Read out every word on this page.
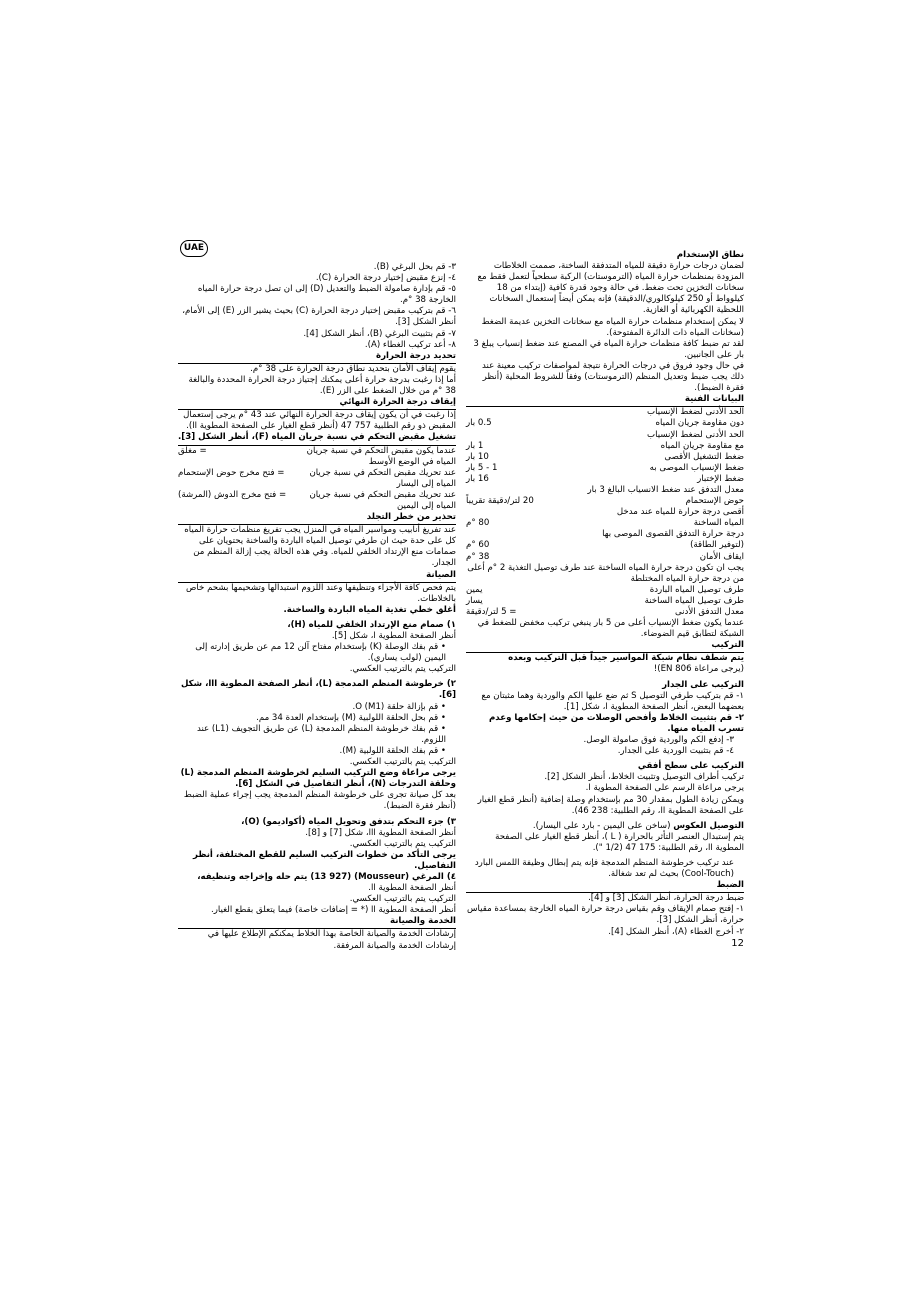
UAE

نطاق الإستخدام

لضمان درجات حرارة دقيقة للمياه المتدفقة الساخنة، صممت الخلاطات المزودة بمنظمات حرارة المياه (الترموستات) الركبة سطحياً لتعمل فقط مع سخانات التخزين تحت ضغط. في حالة وجود قدرة كافية (إبتداء من 18 كيلوواط أو 250 كيلوكالوري/الدقيقة) فإنه يمكن أيضاً إستعمال السخانات اللحظية الكهربائية أو الغازية.

لا يمكن إستخدام منظمات حرارة المياه مع سخانات التخزين عديمة الضغط (سخانات المياه ذات الدائرة المفتوحة).

لقد تم ضبط كافة منظمات حرارة المياه في المصنع عند ضغط إنسياب يبلغ 3 بار على الجانبين.

في حال وجود فروق في درجات الحرارة نتيجة لمواصفات تركيب معينة عند ذلك يجب ضبط وتعديل المنظم (الترموستات) وفقاً للشروط المحلية (أنظر فقرة الضبط).

البيانات الفنية

الحد الأدنى لضغط الإنسياب	
دون مقاومة جريان المياه	0.5 بار
الحد الأدنى لضغط الإنسياب	
مع مقاومة جريان المياه	1 بار
ضغط التشغيل الأقصى	10 بار
ضغط الإنسياب الموصى به	1 - 5 بار
ضغط الإختبار	16 بار
معدل التدفق عند ضغط الانسياب البالغ 3 بار	
حوض الإستحمام	20 لتر/دقيقة تقريباً
أقصى درجة حرارة للمياه عند مدخل	
المياه الساخنة	80 °م
درجة حرارة التدفق القصوى الموصى بها	
(لتوفير الطاقة)	60 °م
ايقاف الأمان	38 °م

يجب ان تكون درجة حرارة المياه الساخنة عند طرف توصيل التغذية 2 °م أعلى من درجة حرارة المياه المختلطة

طرف توصيل المياه الباردة	يمين
طرف توصيل المياه الساخنة	يسار
معدل التدفق الأدنى	= 5 لتر/دقيقة

عندما يكون ضغط الإنسياب أعلى من 5 بار ينبغي تركيب مخفض للضغط في الشبكة لتطابق قيم الضوضاء.

التركيب

يتم شطف نظام شبكة المواسير جيداً قبل التركيب وبعده

(يرجى مراعاة EN 806)!

التركيب على الجدار

١- قم بتركيب طرفي التوصيل S ثم ضع عليها الكم والوردية وهما مثبتان مع بعضهما البعض، أنظر الصفحة المطوية ا، شكل [1].

٢- قم بتثبيت الخلاط وأفحص الوصلات من حيث إحكامها وعدم تسرب المياه منها.

٣- إدفع الكم والوردية فوق صامولة الوصل.

٤- قم بتثبيت الوردية على الجدار.

التركيب على سطح أفقي

تركيب أطراف التوصيل وتثبيت الخلاط، أنظر الشكل [2].

يرجى مراعاة الرسم على الصفحة المطوية ا.

ويمكن زيادة الطول بمقدار 30 مم بإستخدام وصلة إضافية (أنظر قطع الغيار على الصفحة المطوية اا، رقم الطلبية: 238 46).

التوصيل العكوس (ساخن على اليمين - بارد على اليسار).

يتم إستبدال العنصر التأثر بالحرارة ( L )، أنظر قطع الغيار على الصفحة المطوية اا، رقم الطلبية: 175 47 (1/2 ").

عند تركيب خرطوشة المنظم المدمجة فإنه يتم إبطال وظيفة اللمس البارد (Cool-Touch) بحيث لم تعد شغالة.

الضبط

ضبط درجة الحرارة، أنظر الشكل [3] و [4].

١- إفتح صمام الإيقاف وقم بقياس درجة حرارة المياه الخارجة بمساعدة مقياس حرارة، أنظر الشكل [3].

٢- أخرج الغطاء (A)، أنظر الشكل [4].

12

٣- قم بحل البرغي (B).

٤- إنزع مقبض إختيار درجة الحرارة (C).

٥- قم بإدارة صامولة الضبط والتعديل (D) إلى ان تصل درجة حرارة المياه الخارجة 38 °م.

٦- قم بتركيب مقبض إختيار درجة الحرارة (C) بحيث يشير الزر (E) إلى الأمام، أنظر الشكل [3].

٧- قم بتثبيت البرغي (B)، أنظر الشكل [4].

٨- أعد تركيب الغطاء (A).

تحديد درجة الحرارة

يقوم إيقاف الأمان بتحديد نطاق درجة الحرارة على 38 °م.

أما إذا رغبت بدرجة حرارة أعلى يمكنك إجتياز درجة الحرارة المحددة والبالغة 38 °م من خلال الضغط على الزر (E).

إيقاف درجة الحرارة النهائي

إذا رغبت في أن يكون إيقاف درجة الحرارة النهائي عند 43 °م يرجى إستعمال المقبض ذو رقم الطلبية 757 47 (أنظر قطع الغيار على الصفحة المطوية اا).

تشغيل مقبض التحكم في نسبة جريان المياه (F)، أنظر الشكل [3].

عندما يكون مقبض التحكم في نسبة جريان المياه في الوضع الأوسط
= مغلق
عند تحريك مقبض التحكم في نسبة جريان المياه إلى اليسار
= فتح مخرج حوض الإستحمام
عند تحريك مقبض التحكم في نسبة جريان المياه إلى اليمين
= فتح مخرج الدوش (المرشة)

تحذير من خطر التجلد

عند تفريغ أنابيب ومواسير المياه في المنزل يجب تفريغ منظمات حرارة المياه كل على حدة حيث ان طرفي توصيل المياه الباردة والساخنة يحتويان على صمامات منع الإرتداد الخلفي للمياه. وفي هذه الحالة يجب إزالة المنظم من الجدار.

الصيانة

يتم فحص كافة الأجزاء وتنظيفها وعند اللزوم استبدالها وتشحيمها بشحم خاص بالخلاطات.

أغلق خطي تغذية المياه الباردة والساخنة.

١) صمام منع الإرتداد الخلفي للمياه (H)،

أنظر الصفحة المطوية ا، شكل [5].

• قم بفك الوصلة (K) بإستخدام مفتاح آلن 12 مم عن طريق إدارته إلى اليمين (لولب يساري).

التركيب يتم بالترتيب العكسي.

٢) خرطوشة المنظم المدمجة (L)، أنظر الصفحة المطوية ااا، شكل [6].

• قم بإزالة حلقة O (M1).

• قم بحل الحلقة اللولبية (M) بإستخدام العدة 34 مم.

• قم بفك خرطوشة المنظم المدمجة (L) عن طريق التجويف (L1) عند اللزوم.

• قم بفك الحلقة اللولبية (M).

التركيب يتم بالترتيب العكسي.

يرجى مراعاة وضع التركيب السليم لخرطوشة المنظم المدمجة (L) وحلقة التدرجات (N)، أنظر التفاصيل في الشكل [6].

بعد كل صيانة تجرى على خرطوشة المنظم المدمجة يجب إجراء عملية الضبط (أنظر فقرة الضبط).

٣) جزء التحكم بتدفق وتحويل المياه (أكواديمو) (O)،

أنظر الصفحة المطوية ااا، شكل [7] و [8].

التركيب يتم بالترتيب العكسي.

يرجى التأكد من خطوات التركيب السليم للقطع المختلفة، أنظر التفاصيل.

٤) المرغي (Mousseur) (13 927) يتم حله وإخراجه وتنظيفه،

أنظر الصفحة المطوية اا.

التركيب يتم بالترتيب العكسي.

أنظر الصفحة المطوية اا (* = إضافات خاصة) فيما يتعلق بقطع الغيار.

الخدمة والصيانة

إرشادات الخدمة والصيانة الخاصة بهذا الخلاط يمكنكم الإطلاع عليها في إرشادات الخدمة والصيانة المرفقة.
